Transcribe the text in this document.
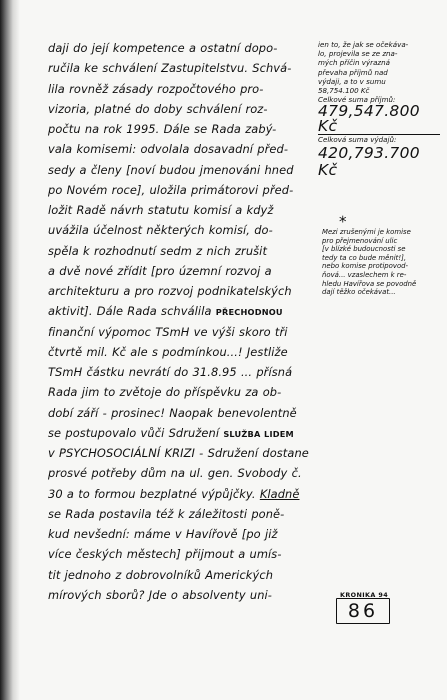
daji do její kompetence a ostatní dopo-
ručila ke schválení Zastupitelstvu. Schvá-
lila rovněž zásady rozpočtového pro-
vizoria, platné do doby schválení roz-
počtu na rok 1995. Dále se Rada zabý-
vala komisemi: odvolala dosavadní před-
sedy a členy [noví budou jmenováni hned
po Novém roce], uložila primátorovi před-
ložit Radě návrh statutu komisí a když
uvážila účelnost některých komisí, do-
spěla k rozhodnutí sedm z nich zrušit
a dvě nové zřídit [pro územní rozvoj a
architekturu a pro rozvoj podnikatelských
aktivit]. Dále Rada schválila PŘECHODNOU
finanční výpomoc TSmH ve výši skoro tři
čtvrtě mil. Kč ale s podmínkou...! Jestliže
TSmH částku nevrátí do 31.8.95 ... přísná
Rada jim to zvětoje do příspěvku za ob-
dobí září - prosinec! Naopak benevolentně
se postupovalo vůči Sdružení SLUŽBA LIDEM
v PSYCHOSOCIÁLNÍ KRIZI - Sdružení dostane
prosvé potřeby dům na ul. gen. Svobody č.
30 a to formou bezplatné výpůjčky. Kladně
se Rada postavila též k záležitosti poně-
kud nevšední: máme v Havířově [po již
více českých městech] přijmout a umís-
tit jednoho z dobrovolníků Amerických
mírových sborů? Jde o absolventy uni-
ien to, že jak se očekáva-
lo, projevila se ze zna-
mých příčin výrazná
převaha příjmů nad
výdaji, a to v sumu
58,754.100 Kč
Celkové suma příjmů:
479,547.800 Kč
Celková suma výdajů:
420,793.700 Kč
⁎
Mezi zrušenými je komise
pro přejmenování ulic
[v blízké budoucnosti se
tedy ta co bude měnit!],
nebo komise protipovod-
ňová... vzaslechem k re-
hledu Havířova se povodně
dají těžko očekávat...
KRONIKA 94
86
